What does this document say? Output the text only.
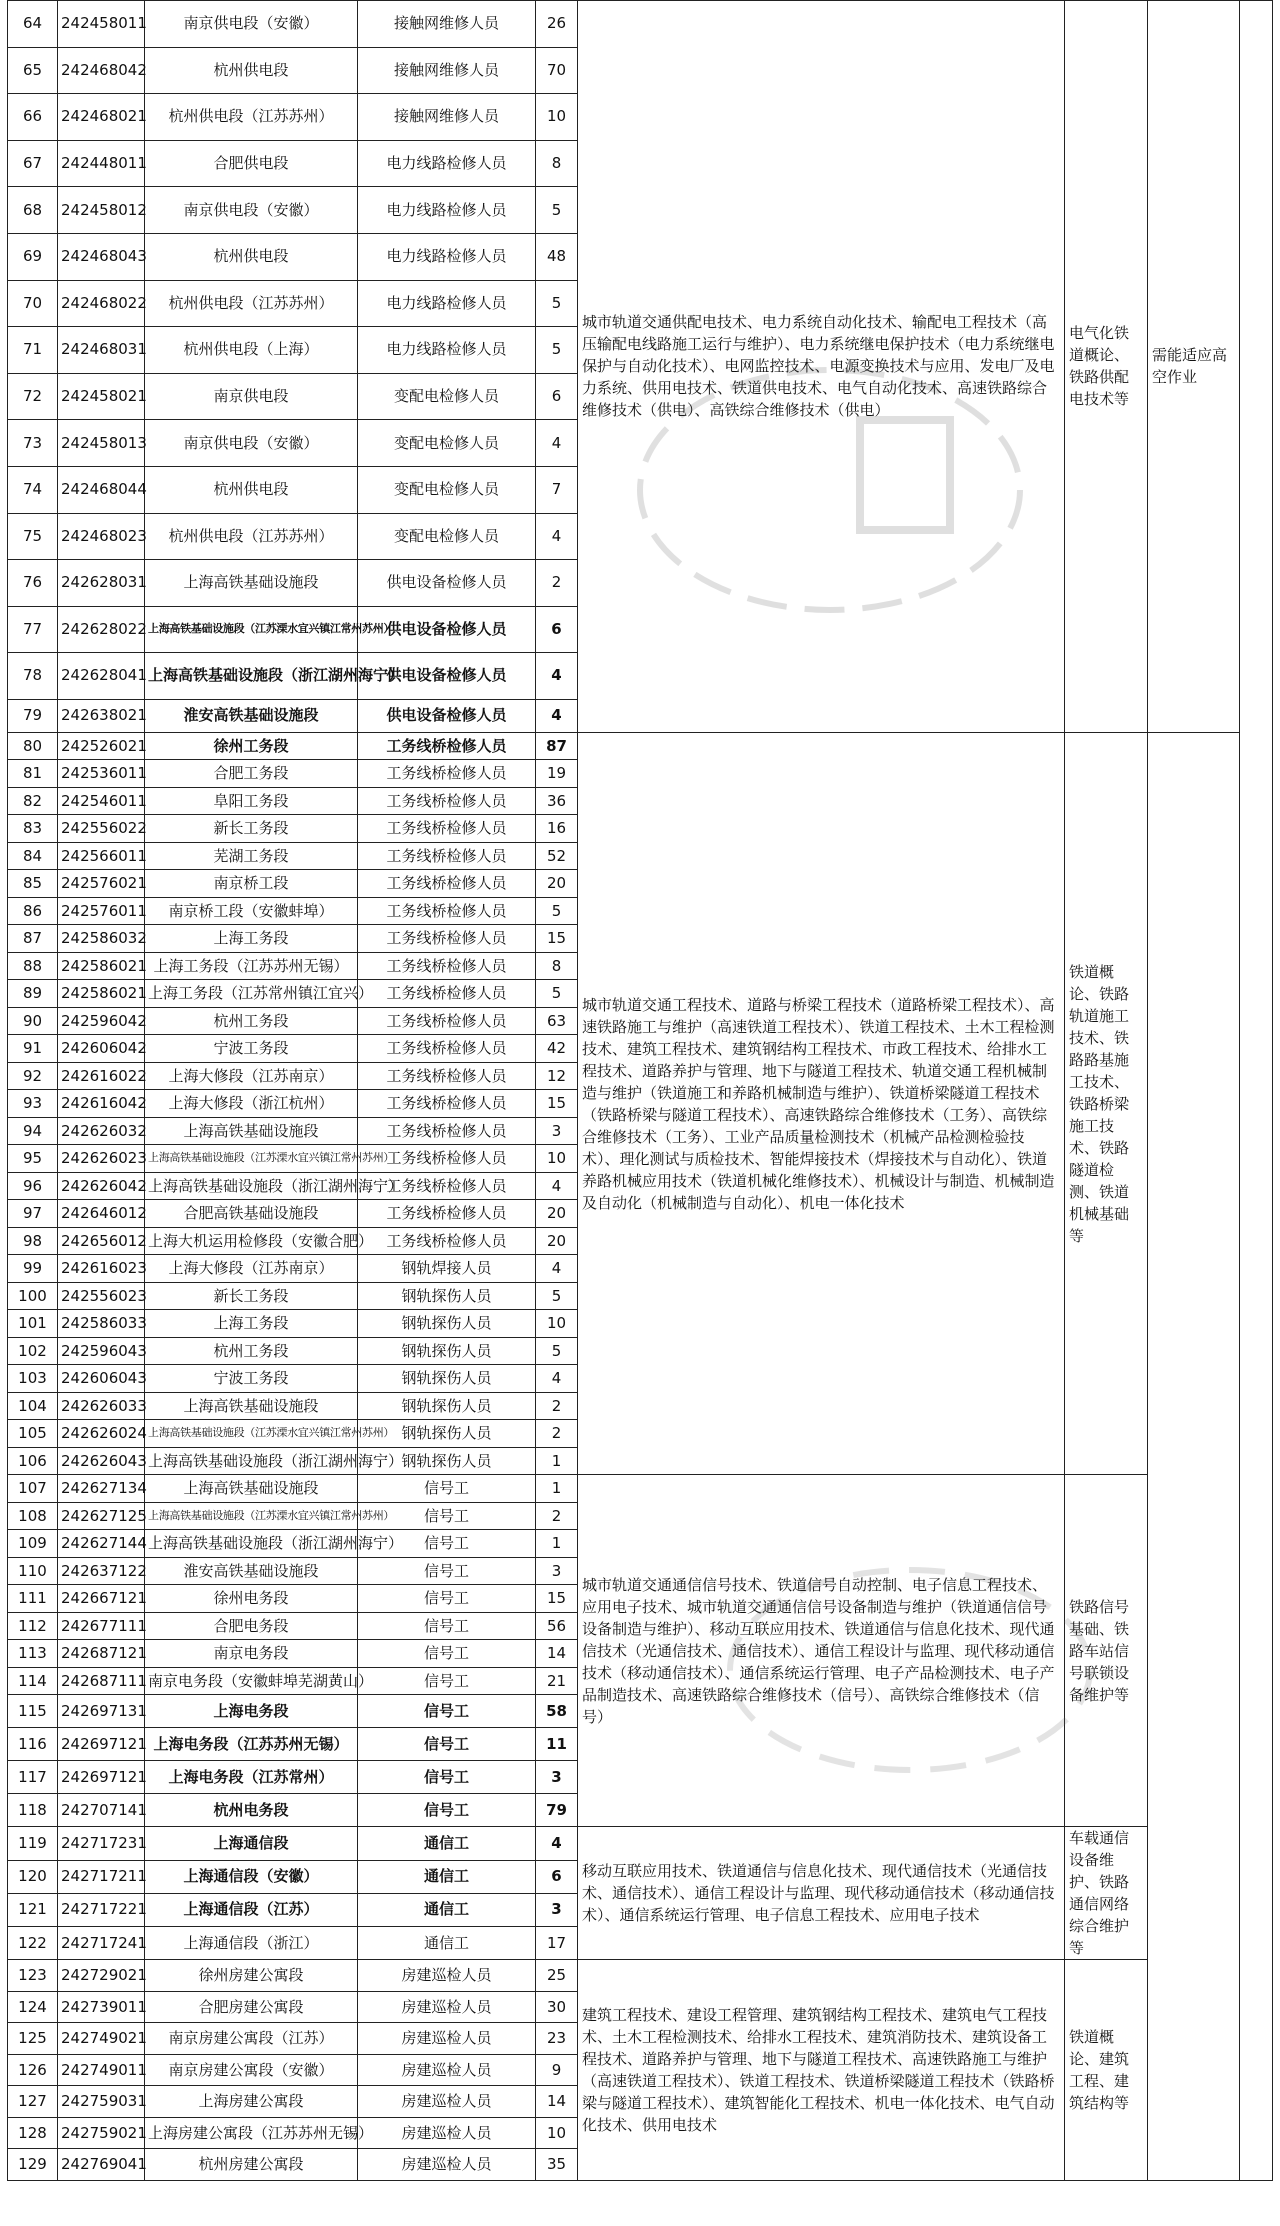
64	242458011	南京供电段（安徽）	接触网维修人员	26	城市轨道交通供配电技术、电力系统自动化技术、输配电工程技术（高压输配电线路施工运行与维护）、电力系统继电保护技术（电力系统继电保护与自动化技术）、电网监控技术、电源变换技术与应用、发电厂及电力系统、供用电技术、铁道供电技术、电气自动化技术、高速铁路综合维修技术（供电）、高铁综合维修技术（供电）	电气化铁道概论、铁路供配电技术等	需能适应高空作业	
65	242468042	杭州供电段	接触网维修人员	70				
66	242468021	杭州供电段（江苏苏州）	接触网维修人员	10				
67	242448011	合肥供电段	电力线路检修人员	8				
68	242458012	南京供电段（安徽）	电力线路检修人员	5				
69	242468043	杭州供电段	电力线路检修人员	48				
70	242468022	杭州供电段（江苏苏州）	电力线路检修人员	5				
71	242468031	杭州供电段（上海）	电力线路检修人员	5				
72	242458021	南京供电段	变配电检修人员	6				
73	242458013	南京供电段（安徽）	变配电检修人员	4				
74	242468044	杭州供电段	变配电检修人员	7				
75	242468023	杭州供电段（江苏苏州）	变配电检修人员	4				
76	242628031	上海高铁基础设施段	供电设备检修人员	2				
77	242628022	上海高铁基础设施段（江苏溧水宜兴镇江常州苏州）	供电设备检修人员	6				
78	242628041	上海高铁基础设施段（浙江湖州海宁）	供电设备检修人员	4				
79	242638021	淮安高铁基础设施段	供电设备检修人员	4				
80	242526021	徐州工务段	工务线桥检修人员	87	城市轨道交通工程技术、道路与桥梁工程技术（道路桥梁工程技术）、高速铁路施工与维护（高速铁道工程技术）、铁道工程技术、土木工程检测技术、建筑工程技术、建筑钢结构工程技术、市政工程技术、给排水工程技术、道路养护与管理、地下与隧道工程技术、轨道交通工程机械制造与维护（铁道施工和养路机械制造与维护）、铁道桥梁隧道工程技术（铁路桥梁与隧道工程技术）、高速铁路综合维修技术（工务）、高铁综合维修技术（工务）、工业产品质量检测技术（机械产品检测检验技术）、理化测试与质检技术、智能焊接技术（焊接技术与自动化）、铁道养路机械应用技术（铁道机械化维修技术）、机械设计与制造、机械制造及自动化（机械制造与自动化）、机电一体化技术	铁道概论、铁路轨道施工技术、铁路路基施工技术、铁路桥梁施工技术、铁路隧道检测、铁道机械基础等		
81	242536011	合肥工务段	工务线桥检修人员	19				
82	242546011	阜阳工务段	工务线桥检修人员	36				
83	242556022	新长工务段	工务线桥检修人员	16				
84	242566011	芜湖工务段	工务线桥检修人员	52				
85	242576021	南京桥工段	工务线桥检修人员	20				
86	242576011	南京桥工段（安徽蚌埠）	工务线桥检修人员	5				
87	242586032	上海工务段	工务线桥检修人员	15				
88	242586021	上海工务段（江苏苏州无锡）	工务线桥检修人员	8				
89	242586021	上海工务段（江苏常州镇江宜兴）	工务线桥检修人员	5				
90	242596042	杭州工务段	工务线桥检修人员	63				
91	242606042	宁波工务段	工务线桥检修人员	42				
92	242616022	上海大修段（江苏南京）	工务线桥检修人员	12				
93	242616042	上海大修段（浙江杭州）	工务线桥检修人员	15				
94	242626032	上海高铁基础设施段	工务线桥检修人员	3				
95	242626023	上海高铁基础设施段（江苏溧水宜兴镇江常州苏州）	工务线桥检修人员	10				
96	242626042	上海高铁基础设施段（浙江湖州海宁）	工务线桥检修人员	4				
97	242646012	合肥高铁基础设施段	工务线桥检修人员	20				
98	242656012	上海大机运用检修段（安徽合肥）	工务线桥检修人员	20				
99	242616023	上海大修段（江苏南京）	钢轨焊接人员	4				
100	242556023	新长工务段	钢轨探伤人员	5				
101	242586033	上海工务段	钢轨探伤人员	10				
102	242596043	杭州工务段	钢轨探伤人员	5				
103	242606043	宁波工务段	钢轨探伤人员	4				
104	242626033	上海高铁基础设施段	钢轨探伤人员	2				
105	242626024	上海高铁基础设施段（江苏溧水宜兴镇江常州苏州）	钢轨探伤人员	2				
106	242626043	上海高铁基础设施段（浙江湖州海宁）	钢轨探伤人员	1				
107	242627134	上海高铁基础设施段	信号工	1	城市轨道交通通信信号技术、铁道信号自动控制、电子信息工程技术、应用电子技术、城市轨道交通通信信号设备制造与维护（铁道通信信号设备制造与维护）、移动互联应用技术、铁道通信与信息化技术、现代通信技术（光通信技术、通信技术）、通信工程设计与监理、现代移动通信技术（移动通信技术）、通信系统运行管理、电子产品检测技术、电子产品制造技术、高速铁路综合维修技术（信号）、高铁综合维修技术（信号）	铁路信号基础、铁路车站信号联锁设备维护等		
108	242627125	上海高铁基础设施段（江苏溧水宜兴镇江常州苏州）	信号工	2				
109	242627144	上海高铁基础设施段（浙江湖州海宁）	信号工	1				
110	242637122	淮安高铁基础设施段	信号工	3				
111	242667121	徐州电务段	信号工	15				
112	242677111	合肥电务段	信号工	56				
113	242687121	南京电务段	信号工	14				
114	242687111	南京电务段（安徽蚌埠芜湖黄山）	信号工	21				
115	242697131	上海电务段	信号工	58				
116	242697121	上海电务段（江苏苏州无锡）	信号工	11				
117	242697121	上海电务段（江苏常州）	信号工	3				
118	242707141	杭州电务段	信号工	79				
119	242717231	上海通信段	通信工	4	移动互联应用技术、铁道通信与信息化技术、现代通信技术（光通信技术、通信技术）、通信工程设计与监理、现代移动通信技术（移动通信技术）、通信系统运行管理、电子信息工程技术、应用电子技术	车载通信设备维护、铁路通信网络综合维护等		
120	242717211	上海通信段（安徽）	通信工	6				
121	242717221	上海通信段（江苏）	通信工	3				
122	242717241	上海通信段（浙江）	通信工	17				
123	242729021	徐州房建公寓段	房建巡检人员	25	建筑工程技术、建设工程管理、建筑钢结构工程技术、建筑电气工程技术、土木工程检测技术、给排水工程技术、建筑消防技术、建筑设备工程技术、道路养护与管理、地下与隧道工程技术、高速铁路施工与维护（高速铁道工程技术）、铁道工程技术、铁道桥梁隧道工程技术（铁路桥梁与隧道工程技术）、建筑智能化工程技术、机电一体化技术、电气自动化技术、供用电技术	铁道概论、建筑工程、建筑结构等		
124	242739011	合肥房建公寓段	房建巡检人员	30				
125	242749021	南京房建公寓段（江苏）	房建巡检人员	23				
126	242749011	南京房建公寓段（安徽）	房建巡检人员	9				
127	242759031	上海房建公寓段	房建巡检人员	14				
128	242759021	上海房建公寓段（江苏苏州无锡）	房建巡检人员	10				
129	242769041	杭州房建公寓段	房建巡检人员	35				
